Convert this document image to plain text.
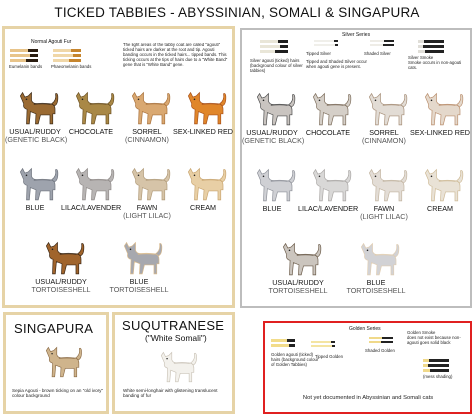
TICKED TABBIES - ABYSSINIAN, SOMALI & SINGAPURA
Normal Agouti Fur
Eumelanin bands Phaeomelanin bands
The light areas of the tabby coat are called "agouti" ticked hairs are darker at the root and tip. Agouti banding occurs in the ticked hairs... tipped bands. This ticking occurs at the tips of hairs due to a "White Band" gene that is "White Band" gene.
USUAL/RUDDY
(GENETIC BLACK)
CHOCOLATE	SORREL
(CINNAMON)
SEX-LINKED RED
BLUE	LILAC/LAVENDER	FAWN
(LIGHT LILAC)
CREAM
USUAL/RUDDY
TORTOISESHELL
BLUE
TORTOISESHELL
Silver Series
Silver agouti (ticked) hairs (background colour of silver tabbies)
Tipped Silver
Tipped and Shaded Silver occur when agouti gene is present.
Shaded Silver
Silver Smoke
Smoke occurs in non-agouti cats.
USUAL/RUDDY
(GENETIC BLACK)
CHOCOLATE	SORREL
(CINNAMON)
SEX-LINKED RED
BLUE	LILAC/LAVENDER	FAWN
(LIGHT LILAC)
CREAM
USUAL/RUDDY
TORTOISESHELL
BLUE
TORTOISESHELL
SINGAPURA
Sepia Agouti - brown ticking on an "old ivory" colour background
SUQUTRANESE
("White Somali")
White semi-longhair with glistening translucent banding of fur
Golden Series
Golden agouti (ticked) hairs (background colour of Golden Tabbies)
Tipped Golden
Shaded Golden
Golden Smoke
does not exist because non-agouti goes solid black
(mess shading)
Not yet documented in Abyssinian and Somali cats
